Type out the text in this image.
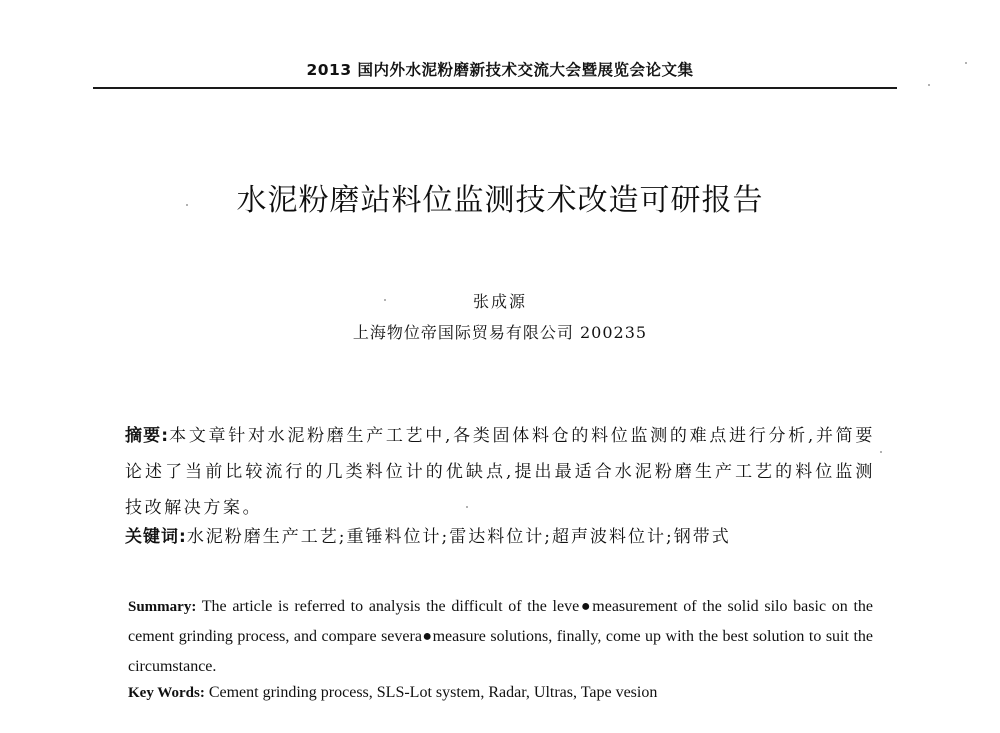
2013 国内外水泥粉磨新技术交流大会暨展览会论文集
水泥粉磨站料位监测技术改造可研报告
张成源
上海物位帝国际贸易有限公司 200235
摘要:本文章针对水泥粉磨生产工艺中,各类固体料仓的料位监测的难点进行分析,并简要论述了当前比较流行的几类料位计的优缺点,提出最适合水泥粉磨生产工艺的料位监测技改解决方案。
关键词:水泥粉磨生产工艺;重锤料位计;雷达料位计;超声波料位计;钢带式
Summary: The article is referred to analysis the difficult of the leve●measurement of the solid silo basic on the cement grinding process, and compare severa●measure solutions, finally, come up with the best solution to suit the circumstance.
Key Words: Cement grinding process, SLS-Lot system, Radar, Ultras, Tape vesion
